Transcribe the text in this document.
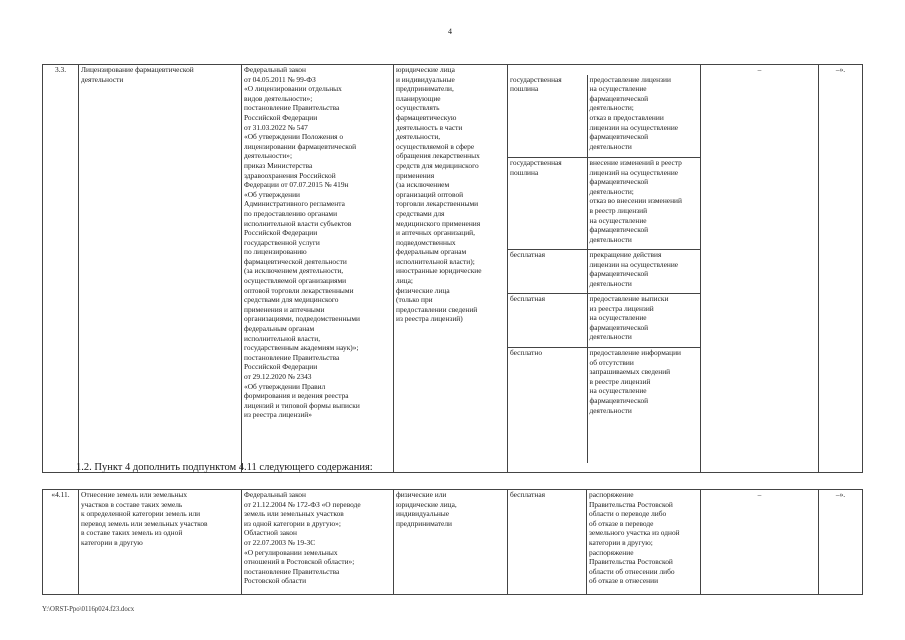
4
3.3.	Лицензирование фармацевтической
деятельности	Федеральный закон
от 04.05.2011 № 99-ФЗ
«О лицензировании отдельных
видов деятельности»;
постановление Правительства
Российской Федерации
от 31.03.2022 № 547
«Об утверждении Положения о
лицензировании фармацевтической
деятельности»;
приказ Министерства
здравоохранения Российской
Федерации от 07.07.2015 № 419н
«Об утверждении
Административного регламента
по предоставлению органами
исполнительной власти субъектов
Российской Федерации
государственной услуги
по лицензированию
фармацевтической деятельности
(за исключением деятельности,
осуществляемой организациями
оптовой торговли лекарственными
средствами для медицинского
применения и аптечными
организациями, подведомственными
федеральным органам
исполнительной власти,
государственным академиям наук)»;
постановление Правительства
Российской Федерации
от 29.12.2020 № 2343
«Об утверждении Правил
формирования и ведения реестра
лицензий и типовой формы выписки
из реестра лицензий»	юридические лица
и индивидуальные
предприниматели,
планирующие
осуществлять
фармацевтическую
деятельность в части
деятельности,
осуществляемой в сфере
обращения лекарственных
средств для медицинского
применения
(за исключением
организаций оптовой
торговли лекарственными
средствами для
медицинского применения
и аптечных организаций,
подведомственных
федеральным органам
исполнительной власти);
иностранные юридические
лица;
физические лица
(только при
предоставлении сведений
из реестра лицензий)	

государственная
пошлина	предоставление лицензии
на осуществление
фармацевтической
деятельности;
отказ в предоставлении
лицензии на осуществление
фармацевтической
деятельности
государственная
пошлина	внесение изменений в реестр
лицензий на осуществление
фармацевтической
деятельности;
отказ во внесении изменений
в реестр лицензий
на осуществление
фармацевтической
деятельности
бесплатная	прекращение действия
лицензии на осуществление
фармацевтической
деятельности
бесплатная	предоставление выписки
из реестра лицензий
на осуществление
фармацевтической
деятельности
бесплатно	предоставление информации
об отсутствии
запрашиваемых сведений
в реестре лицензий
на осуществление
фармацевтической
деятельности

	–	–».
1.2. Пункт 4 дополнить подпунктом 4.11 следующего содержания:
«4.11.	Отнесение земель или земельных
участков в составе таких земель
к определенной категории земель или
перевод земель или земельных участков
в составе таких земель из одной
категории в другую	Федеральный закон
от 21.12.2004 № 172-ФЗ «О переводе
земель или земельных участков
из одной категории в другую»;
Областной закон
от 22.07.2003 № 19-ЗС
«О регулировании земельных
отношений в Ростовской области»;
постановление Правительства
Ростовской области	физические или
юридические лица,
индивидуальные
предприниматели	бесплатная	распоряжение
Правительства Ростовской
области о переводе либо
об отказе в переводе
земельного участка из одной
категории в другую;
распоряжение
Правительства Ростовской
области об отнесении либо
об отказе в отнесении	–	–».
Y:\ORST-Ppo\0116p024.f23.docx
